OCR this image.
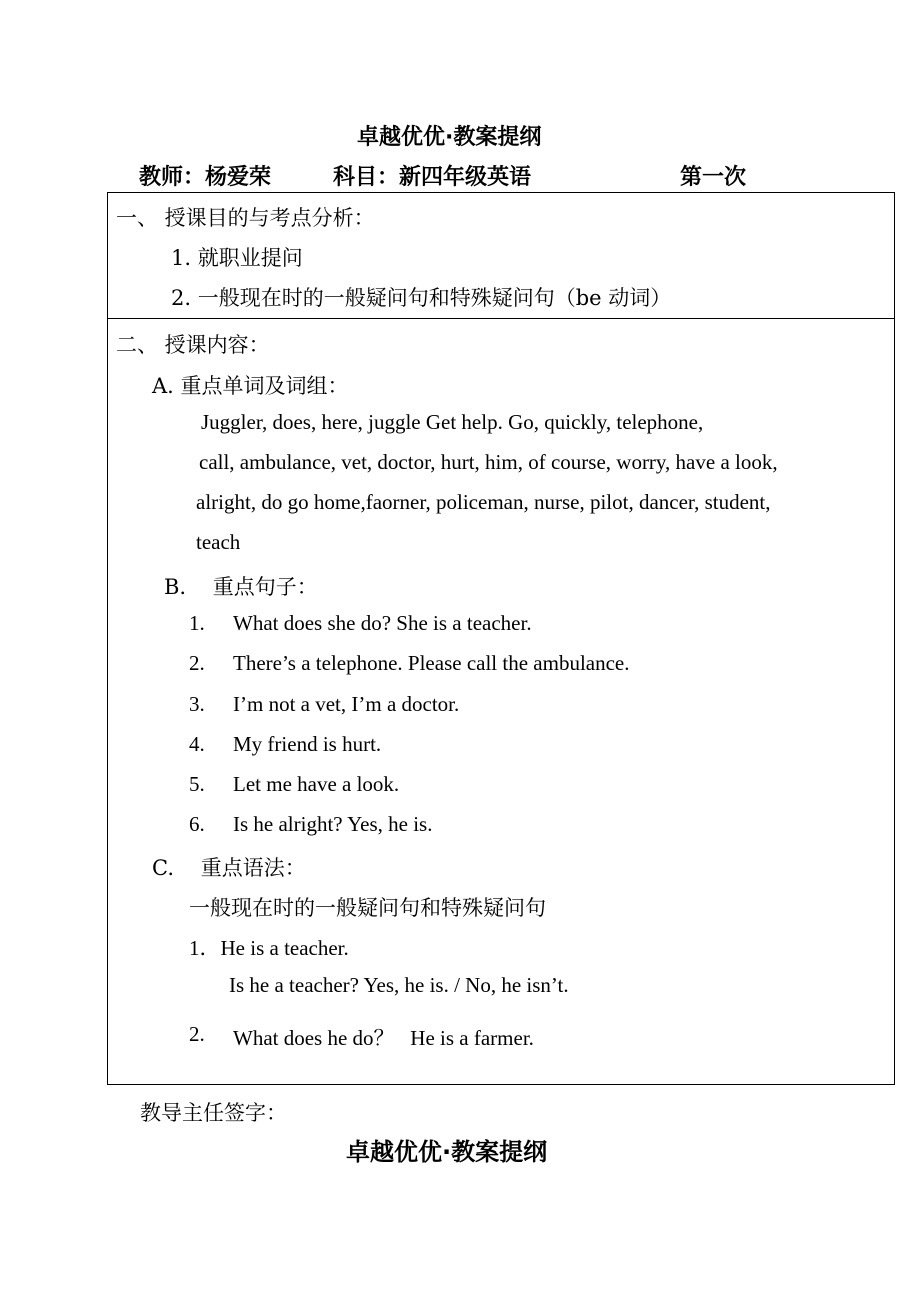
卓越优优·教案提纲
教师：杨爱荣	科目：新四年级英语	第一次
一、 授课目的与考点分析：
1. 就职业提问
2. 一般现在时的一般疑问句和特殊疑问句（be 动词）
二、 授课内容：
A. 重点单词及词组：
Juggler, does, here, juggle Get help. Go, quickly, telephone,
call, ambulance, vet, doctor, hurt, him, of course, worry, have a look,
alright, do go home,faorner, policeman, nurse, pilot, dancer, student,
teach
B.    重点句子：
1. What does she do? She is a teacher.
2. There’s a telephone. Please call the ambulance.
3. I’m not a vet, I’m a doctor.
4. My friend is hurt.
5. Let me have a look.
6. Is he alright? Yes, he is.
C.    重点语法：
一般现在时的一般疑问句和特殊疑问句
1．He is a teacher.
Is he a teacher? Yes, he is. / No, he isn’t.
2. What does he do？   He is a farmer.
教导主任签字：
卓越优优·教案提纲
